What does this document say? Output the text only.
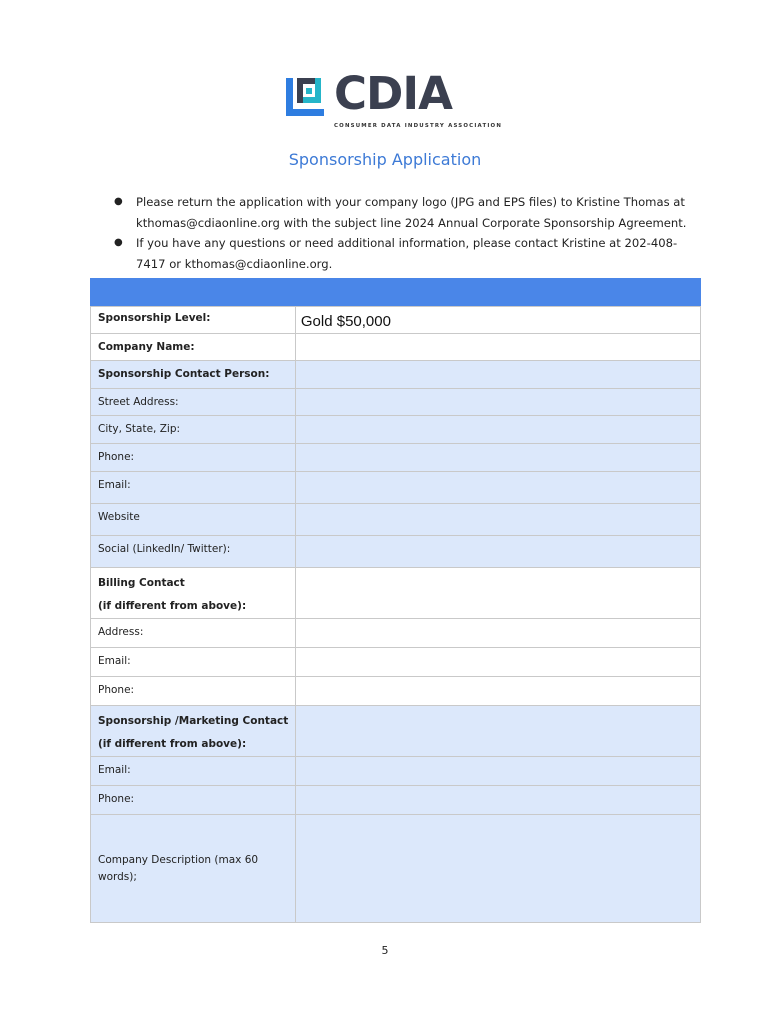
CDIA
CONSUMER DATA INDUSTRY ASSOCIATION
Sponsorship Application
● Please return the application with your company logo (JPG and EPS files) to Kristine Thomas at kthomas@cdiaonline.org with the subject line 2024 Annual Corporate Sponsorship Agreement.
● If you have any questions or need additional information, please contact Kristine at 202-408-7417 or kthomas@cdiaonline.org.
Sponsorship Level:	Gold $50,000

Company Name:	
Sponsorship Contact Person:	
Street Address:	
City, State, Zip:	
Phone:	
Email:	
Website	
Social (LinkedIn/ Twitter):	
Billing Contact
(if different from above):	
Address:	
Email:	
Phone:	
Sponsorship /Marketing Contact
(if different from above):	
Email:	
Phone:	
Company Description (max 60 words);	
5
